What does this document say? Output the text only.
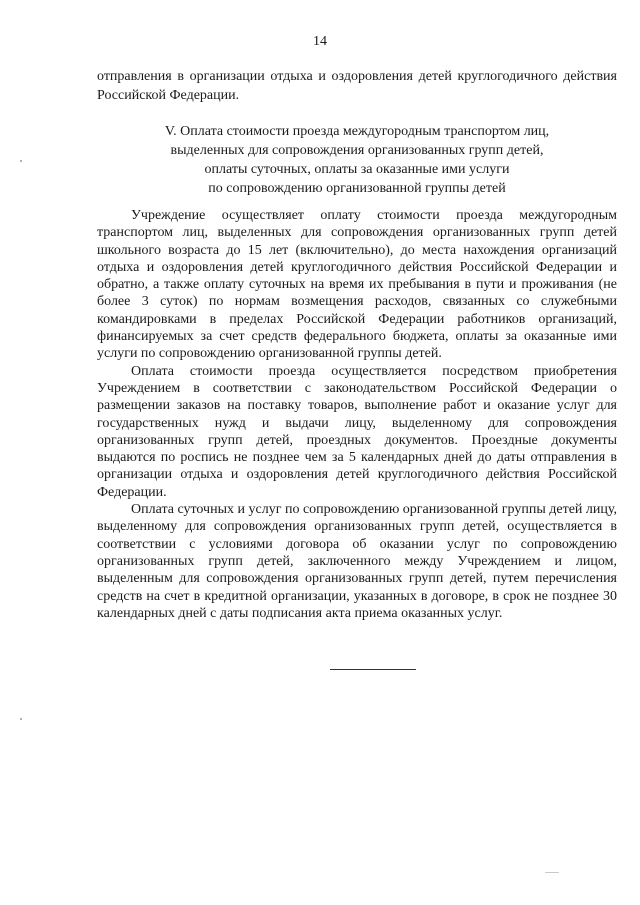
14
отправления в организации отдыха и оздоровления детей круглогодичного действия Российской Федерации.
V. Оплата стоимости проезда междугородным транспортом лиц,
выделенных для сопровождения организованных групп детей,
оплаты суточных, оплаты за оказанные ими услуги
по сопровождению организованной группы детей

Учреждение осуществляет оплату стоимости проезда междугородным транспортом лиц, выделенных для сопровождения организованных групп детей школьного возраста до 15 лет (включительно), до места нахождения организаций отдыха и оздоровления детей круглогодичного действия Российской Федерации и обратно, а также оплату суточных на время их пребывания в пути и проживания (не более 3 суток) по нормам возмещения расходов, связанных со служебными командировками в пределах Российской Федерации работников организаций, финансируемых за счет средств федерального бюджета, оплаты за оказанные ими услуги по сопровождению организованной группы детей.

Оплата стоимости проезда осуществляется посредством приобретения Учреждением в соответствии с законодательством Российской Федерации о размещении заказов на поставку товаров, выполнение работ и оказание услуг для государственных нужд и выдачи лицу, выделенному для сопровождения организованных групп детей, проездных документов. Проездные документы выдаются по роспись не позднее чем за 5 календарных дней до даты отправления в организации отдыха и оздоровления детей круглогодичного действия Российской Федерации.

Оплата суточных и услуг по сопровождению организованной группы детей лицу, выделенному для сопровождения организованных групп детей, осуществляется в соответствии с условиями договора об оказании услуг по сопровождению организованных групп детей, заключенного между Учреждением и лицом, выделенным для сопровождения организованных групп детей, путем перечисления средств на счет в кредитной организации, указанных в договоре, в срок не позднее 30 календарных дней с даты подписания акта приема оказанных услуг.
